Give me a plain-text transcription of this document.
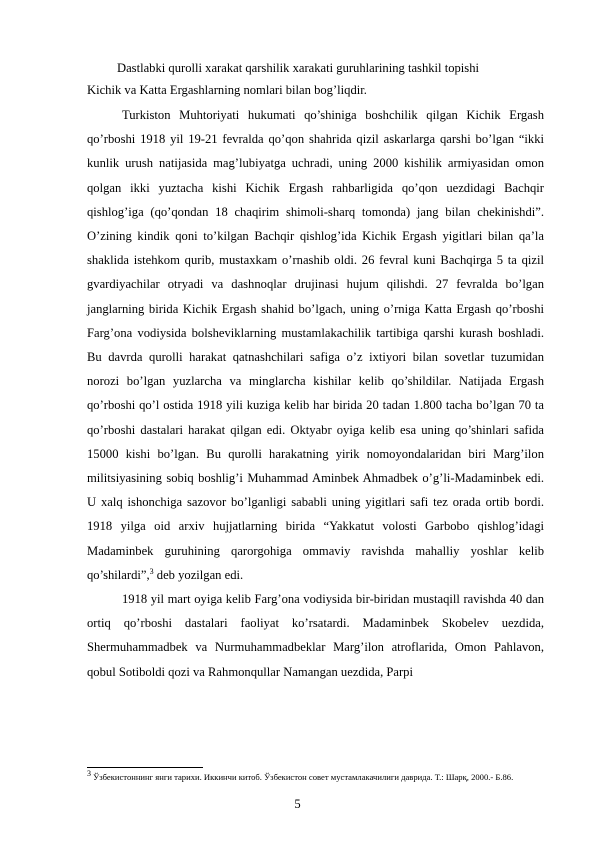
Dastlabki qurolli xarakat qarshilik xarakati guruhlarining tashkil topishi
Kichik va Katta Ergashlarning nomlari bilan bog’liqdir.

Turkiston Muhtoriyati hukumati qo’shiniga boshchilik qilgan Kichik Ergash qo’rboshi 1918 yil 19-21 fevralda qo’qon shahrida qizil askarlarga qarshi bo’lgan “ikki kunlik urush natijasida mag’lubiyatga uchradi, uning 2000 kishilik armiyasidan omon qolgan ikki yuztacha kishi Kichik Ergash rahbarligida qo’qon uezdidagi Bachqir qishlog’iga (qo’qondan 18 chaqirim shimoli-sharq tomonda) jang bilan chekinishdi”. O’zining kindik qoni to’kilgan Bachqir qishlog’ida Kichik Ergash yigitlari bilan qa’la shaklida istehkom qurib, mustaxkam o’rnashib oldi. 26 fevral kuni Bachqirga 5 ta qizil gvardiyachilar otryadi va dashnoqlar drujinasi hujum qilishdi. 27 fevralda bo’lgan janglarning birida Kichik Ergash shahid bo’lgach, uning o’rniga Katta Ergash qo’rboshi Farg’ona vodiysida bolsheviklarning mustamlakachilik tartibiga qarshi kurash boshladi. Bu davrda qurolli harakat qatnashchilari safiga o’z ixtiyori bilan sovetlar tuzumidan norozi bo’lgan yuzlarcha va minglarcha kishilar kelib qo’shildilar. Natijada Ergash qo’rboshi qo’l ostida 1918 yili kuziga kelib har birida 20 tadan 1.800 tacha bo’lgan 70 ta qo’rboshi dastalari harakat qilgan edi. Oktyabr oyiga kelib esa uning qo’shinlari safida 15000 kishi bo’lgan. Bu qurolli harakatning yirik nomoyondalaridan biri Marg’ilon militsiyasining sobiq boshlig’i Muhammad Aminbek Ahmadbek o’g’li-Madaminbek edi. U xalq ishonchiga sazovor bo’lganligi sababli uning yigitlari safi tez orada ortib bordi. 1918 yilga oid arxiv hujjatlarning birida “Yakkatut volosti Garbobo qishlog’idagi Madaminbek guruhining qarorgohiga ommaviy ravishda mahalliy yoshlar kelib qo’shilardi”,$^3$ deb yozilgan edi.

1918 yil mart oyiga kelib Farg’ona vodiysida bir-biridan mustaqill ravishda 40 dan ortiq qo’rboshi dastalari faoliyat ko’rsatardi. Madaminbek Skobelev uezdida, Shermuhammadbek va Nurmuhammadbeklar Marg’ilon atroflarida, Omon Pahlavon, qobul Sotiboldi qozi va Rahmonqullar Namangan uezdida, Parpi

$^3$ Ўзбекистоннинг янги тарихи. Иккинчи китоб. Ўзбекистон совет мустамлакачилиги даврида. Т.: Шарқ, 2000.- Б.86.

5
